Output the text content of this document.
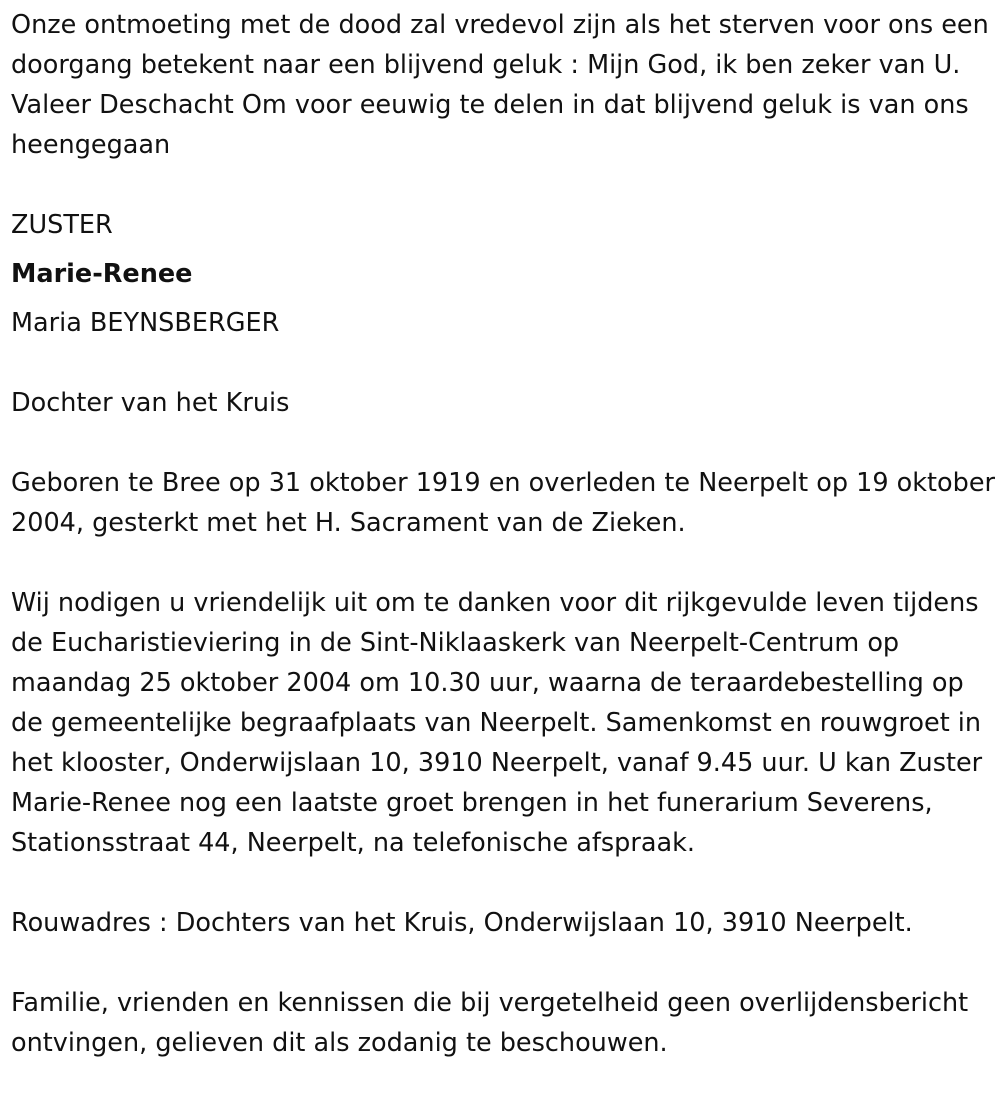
Onze ontmoeting met de dood zal vredevol zijn als het sterven voor ons een doorgang betekent naar een blijvend geluk : Mijn God, ik ben zeker van U. Valeer Deschacht Om voor eeuwig te delen in dat blijvend geluk is van ons heengegaan

ZUSTER

Marie-Renee

Maria BEYNSBERGER

Dochter van het Kruis

Geboren te Bree op 31 oktober 1919 en overleden te Neerpelt op 19 oktober 2004, gesterkt met het H. Sacrament van de Zieken.

Wij nodigen u vriendelijk uit om te danken voor dit rijkgevulde leven tijdens de Eucharistieviering in de Sint-Niklaaskerk van Neerpelt-Centrum op maandag 25 oktober 2004 om 10.30 uur, waarna de teraardebestelling op de gemeentelijke begraafplaats van Neerpelt. Samenkomst en rouwgroet in het klooster, Onderwijslaan 10, 3910 Neerpelt, vanaf 9.45 uur. U kan Zuster Marie-Renee nog een laatste groet brengen in het funerarium Severens, Stationsstraat 44, Neerpelt, na telefonische afspraak.

Rouwadres : Dochters van het Kruis, Onderwijslaan 10, 3910 Neerpelt.

Familie, vrienden en kennissen die bij vergetelheid geen overlijdensbericht ontvingen, gelieven dit als zodanig te beschouwen.
